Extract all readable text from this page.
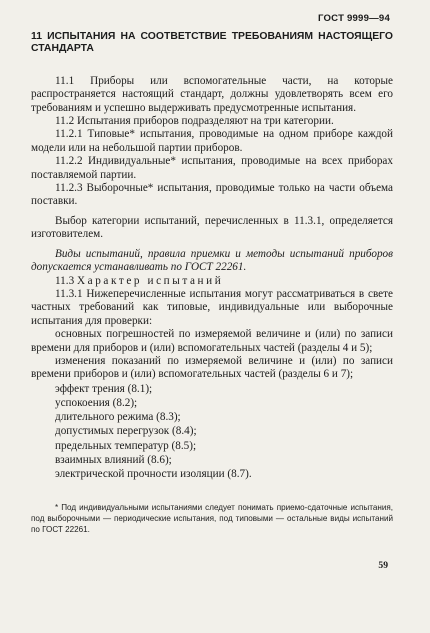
ГОСТ 9999—94
11 ИСПЫТАНИЯ НА СООТВЕТСТВИЕ ТРЕБОВАНИЯМ НАСТОЯЩЕГО СТАНДАРТА

11.1 Приборы или вспомогательные части, на которые распространяется настоящий стандарт, должны удовлетворять всем его требованиям и успешно выдерживать предусмотренные испытания.

11.2 Испытания приборов подразделяют на три категории.

11.2.1 Типовые* испытания, проводимые на одном приборе каждой модели или на небольшой партии приборов.

11.2.2 Индивидуальные* испытания, проводимые на всех приборах поставляемой партии.

11.2.3 Выборочные* испытания, проводимые только на части объема поставки.

Выбор категории испытаний, перечисленных в 11.3.1, определяется изготовителем.

Виды испытаний, правила приемки и методы испытаний приборов допускается устанавливать по ГОСТ 22261.

11.3 Характер испытаний

11.3.1 Нижеперечисленные испытания могут рассматриваться в свете частных требований как типовые, индивидуальные или выборочные испытания для проверки:

основных погрешностей по измеряемой величине и (или) по записи времени для приборов и (или) вспомогательных частей (разделы 4 и 5);

изменения показаний по измеряемой величине и (или) по записи времени приборов и (или) вспомогательных частей (разделы 6 и 7);

эффект трения (8.1);
успокоения (8.2);
длительного режима (8.3);
допустимых перегрузок (8.4);
предельных температур (8.5);
взаимных влияний (8.6);
электрической прочности изоляции (8.7).
* Под индивидуальными испытаниями следует понимать приемо-сдаточные испытания, под выборочными — периодические испытания, под типовыми — остальные виды испытаний по ГОСТ 22261.
59
